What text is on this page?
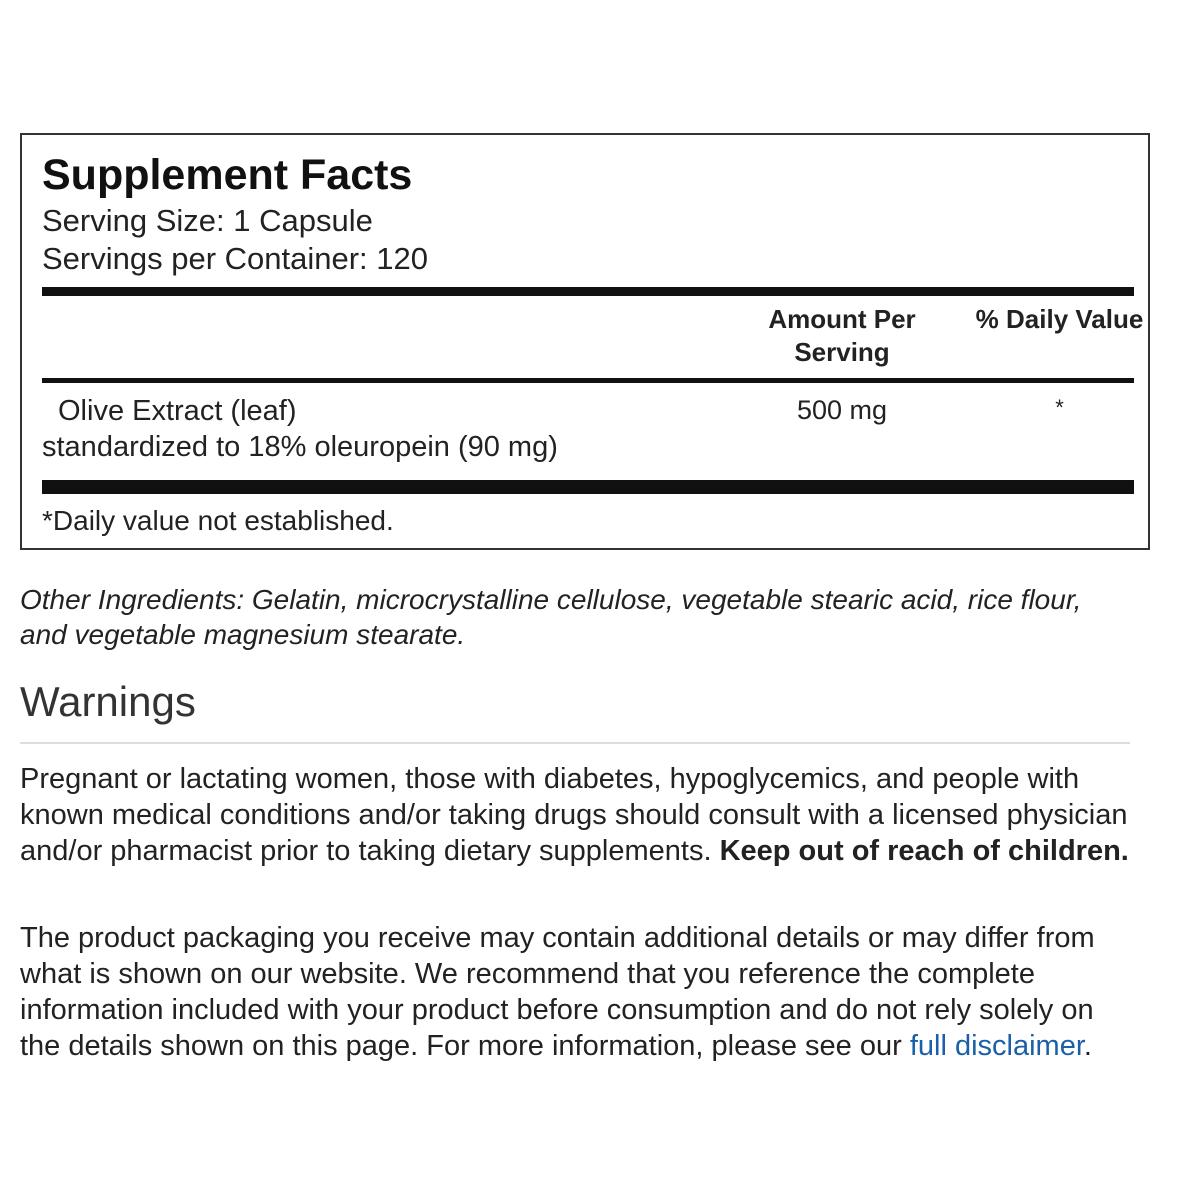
Supplement Facts
Serving Size: 1 Capsule
Servings per Container: 120
Amount Per Serving
% Daily Value
Olive Extract (leaf)
standardized to 18% oleuropein (90 mg)
500 mg	*
*Daily value not established.
Other Ingredients: Gelatin, microcrystalline cellulose, vegetable stearic acid, rice flour, and vegetable magnesium stearate.
Warnings
Pregnant or lactating women, those with diabetes, hypoglycemics, and people with known medical conditions and/or taking drugs should consult with a licensed physician and/or pharmacist prior to taking dietary supplements. Keep out of reach of children.
The product packaging you receive may contain additional details or may differ from what is shown on our website. We recommend that you reference the complete information included with your product before consumption and do not rely solely on the details shown on this page. For more information, please see our full disclaimer.
